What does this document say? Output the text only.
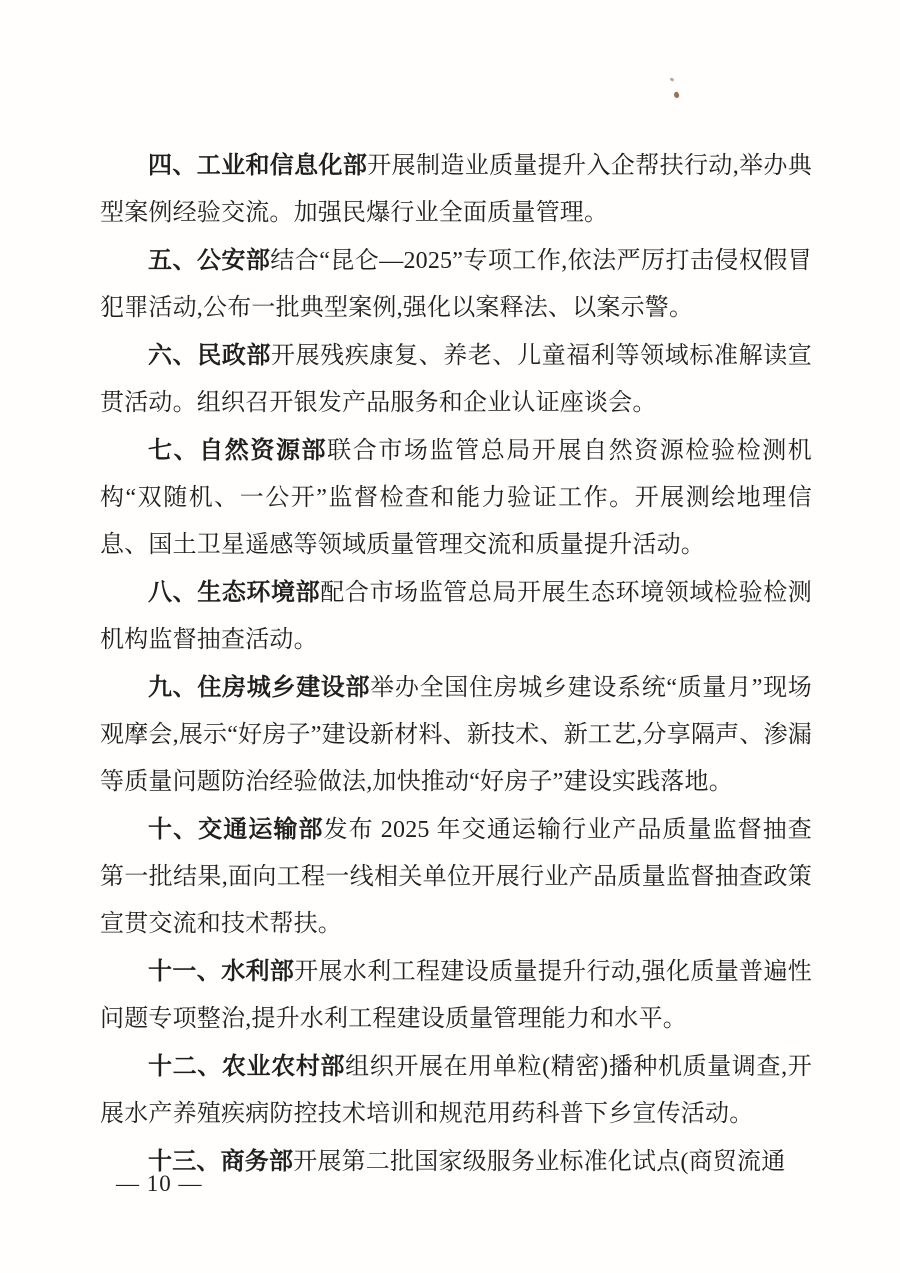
四、工业和信息化部开展制造业质量提升入企帮扶行动,举办典型案例经验交流。加强民爆行业全面质量管理。

五、公安部结合“昆仑—2025”专项工作,依法严厉打击侵权假冒犯罪活动,公布一批典型案例,强化以案释法、以案示警。

六、民政部开展残疾康复、养老、儿童福利等领域标准解读宣贯活动。组织召开银发产品服务和企业认证座谈会。

七、自然资源部联合市场监管总局开展自然资源检验检测机构“双随机、一公开”监督检查和能力验证工作。开展测绘地理信息、国土卫星遥感等领域质量管理交流和质量提升活动。

八、生态环境部配合市场监管总局开展生态环境领域检验检测机构监督抽查活动。

九、住房城乡建设部举办全国住房城乡建设系统“质量月”现场观摩会,展示“好房子”建设新材料、新技术、新工艺,分享隔声、渗漏等质量问题防治经验做法,加快推动“好房子”建设实践落地。

十、交通运输部发布 2025 年交通运输行业产品质量监督抽查第一批结果,面向工程一线相关单位开展行业产品质量监督抽查政策宣贯交流和技术帮扶。

十一、水利部开展水利工程建设质量提升行动,强化质量普遍性问题专项整治,提升水利工程建设质量管理能力和水平。

十二、农业农村部组织开展在用单粒(精密)播种机质量调查,开展水产养殖疾病防控技术培训和规范用药科普下乡宣传活动。

十三、商务部开展第二批国家级服务业标准化试点(商贸流通

— 10 —
